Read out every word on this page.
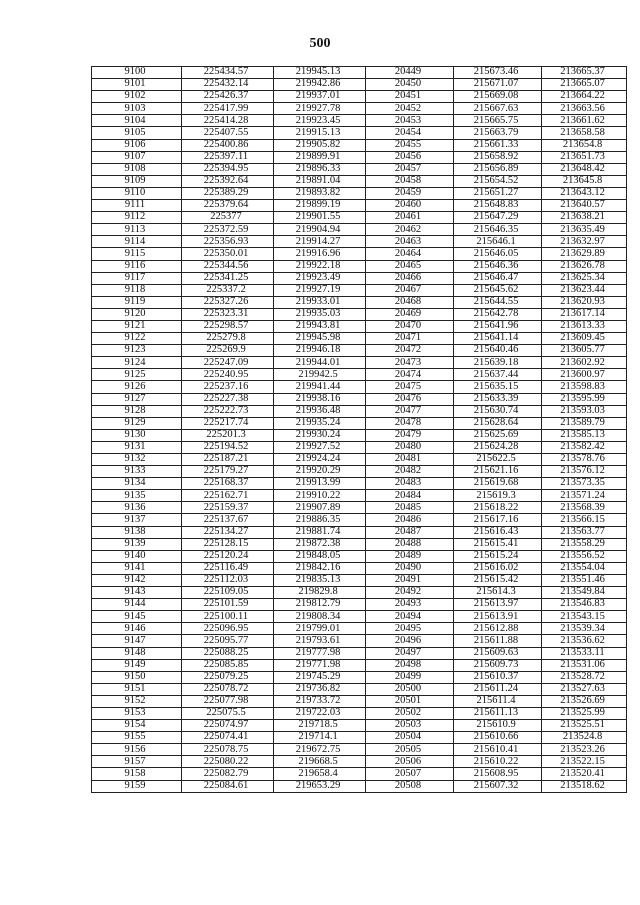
500
9100	225434.57	219945.13	20449	215673.46	213665.37
9101	225432.14	219942.86	20450	215671.07	213665.07
9102	225426.37	219937.01	20451	215669.08	213664.22
9103	225417.99	219927.78	20452	215667.63	213663.56
9104	225414.28	219923.45	20453	215665.75	213661.62
9105	225407.55	219915.13	20454	215663.79	213658.58
9106	225400.86	219905.82	20455	215661.33	213654.8
9107	225397.11	219899.91	20456	215658.92	213651.73
9108	225394.95	219896.33	20457	215656.89	213648.42
9109	225392.64	219891.04	20458	215654.52	213645.8
9110	225389.29	219893.82	20459	215651.27	213643.12
9111	225379.64	219899.19	20460	215648.83	213640.57
9112	225377	219901.55	20461	215647.29	213638.21
9113	225372.59	219904.94	20462	215646.35	213635.49
9114	225356.93	219914.27	20463	215646.1	213632.97
9115	225350.01	219916.96	20464	215646.05	213629.89
9116	225344.56	219922.18	20465	215646.36	213626.78
9117	225341.25	219923.49	20466	215646.47	213625.34
9118	225337.2	219927.19	20467	215645.62	213623.44
9119	225327.26	219933.01	20468	215644.55	213620.93
9120	225323.31	219935.03	20469	215642.78	213617.14
9121	225298.57	219943.81	20470	215641.96	213613.33
9122	225279.8	219945.98	20471	215641.14	213609.45
9123	225269.9	219946.18	20472	215640.46	213605.77
9124	225247.09	219944.01	20473	215639.18	213602.92
9125	225240.95	219942.5	20474	215637.44	213600.97
9126	225237.16	219941.44	20475	215635.15	213598.83
9127	225227.38	219938.16	20476	215633.39	213595.99
9128	225222.73	219936.48	20477	215630.74	213593.03
9129	225217.74	219935.24	20478	215628.64	213589.79
9130	225201.3	219930.24	20479	215625.69	213585.13
9131	225194.52	219927.52	20480	215624.28	213582.42
9132	225187.21	219924.24	20481	215622.5	213578.76
9133	225179.27	219920.29	20482	215621.16	213576.12
9134	225168.37	219913.99	20483	215619.68	213573.35
9135	225162.71	219910.22	20484	215619.3	213571.24
9136	225159.37	219907.89	20485	215618.22	213568.39
9137	225137.67	219886.35	20486	215617.16	213566.15
9138	225134.27	219881.74	20487	215616.43	213563.77
9139	225128.15	219872.38	20488	215615.41	213558.29
9140	225120.24	219848.05	20489	215615.24	213556.52
9141	225116.49	219842.16	20490	215616.02	213554.04
9142	225112.03	219835.13	20491	215615.42	213551.46
9143	225109.05	219829.8	20492	215614.3	213549.84
9144	225101.59	219812.79	20493	215613.97	213546.83
9145	225100.11	219808.34	20494	215613.91	213543.15
9146	225096.95	219799.01	20495	215612.88	213539.34
9147	225095.77	219793.61	20496	215611.88	213536.62
9148	225088.25	219777.98	20497	215609.63	213533.11
9149	225085.85	219771.98	20498	215609.73	213531.06
9150	225079.25	219745.29	20499	215610.37	213528.72
9151	225078.72	219736.82	20500	215611.24	213527.63
9152	225077.98	219733.72	20501	215611.4	213526.69
9153	225075.5	219722.03	20502	215611.13	213525.99
9154	225074.97	219718.5	20503	215610.9	213525.51
9155	225074.41	219714.1	20504	215610.66	213524.8
9156	225078.75	219672.75	20505	215610.41	213523.26
9157	225080.22	219668.5	20506	215610.22	213522.15
9158	225082.79	219658.4	20507	215608.95	213520.41
9159	225084.61	219653.29	20508	215607.32	213518.62
